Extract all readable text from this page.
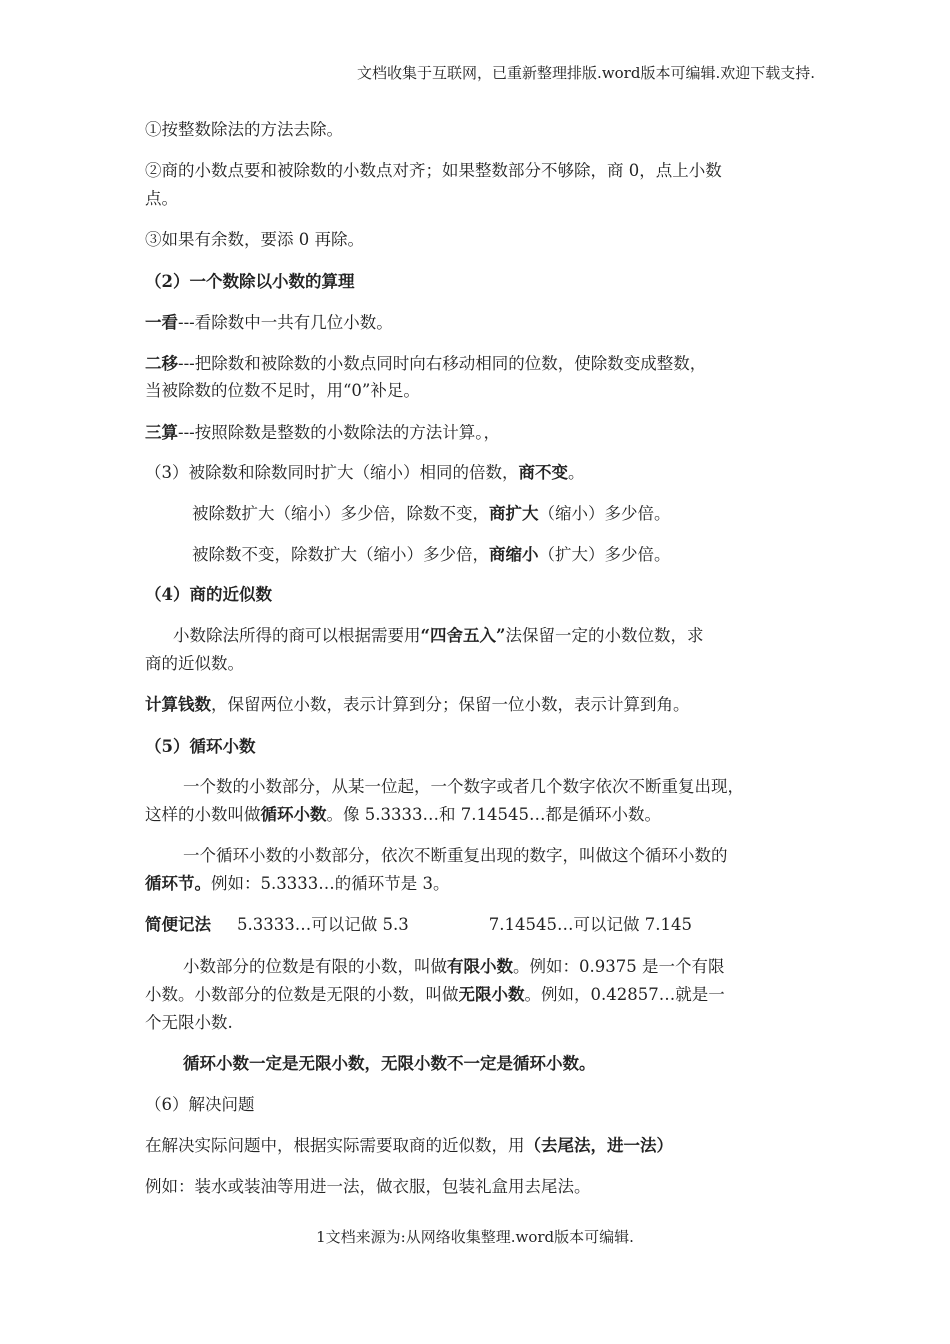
文档收集于互联网，已重新整理排版.word版本可编辑.欢迎下载支持.
①按整数除法的方法去除。
②商的小数点要和被除数的小数点对齐；如果整数部分不够除，商 0，点上小数
点。
③如果有余数，要添 0 再除。
（2）一个数除以小数的算理
一看---看除数中一共有几位小数。
二移---把除数和被除数的小数点同时向右移动相同的位数，使除数变成整数，
当被除数的位数不足时，用“0”补足。
三算---按照除数是整数的小数除法的方法计算。，
（3）被除数和除数同时扩大（缩小）相同的倍数，商不变。
被除数扩大（缩小）多少倍，除数不变，商扩大（缩小）多少倍。
被除数不变，除数扩大（缩小）多少倍，商缩小（扩大）多少倍。
（4）商的近似数
小数除法所得的商可以根据需要用“四舍五入”法保留一定的小数位数，求
商的近似数。
计算钱数，保留两位小数，表示计算到分；保留一位小数，表示计算到角。
（5）循环小数
一个数的小数部分，从某一位起，一个数字或者几个数字依次不断重复出现，
这样的小数叫做循环小数。像 5.3333…和 7.14545…都是循环小数。
一个循环小数的小数部分，依次不断重复出现的数字，叫做这个循环小数的
循环节。例如：5.3333…的循环节是 3。
简便记法 5.3333…可以记做 5.3	7.14545…可以记做 7.145
小数部分的位数是有限的小数，叫做有限小数。例如：0.9375 是一个有限
小数。小数部分的位数是无限的小数，叫做无限小数。例如，0.42857…就是一
个无限小数.
循环小数一定是无限小数，无限小数不一定是循环小数。
（6）解决问题
在解决实际问题中，根据实际需要取商的近似数，用（去尾法，进一法）
例如：装水或装油等用进一法，做衣服，包装礼盒用去尾法。
1文档来源为:从网络收集整理.word版本可编辑.
